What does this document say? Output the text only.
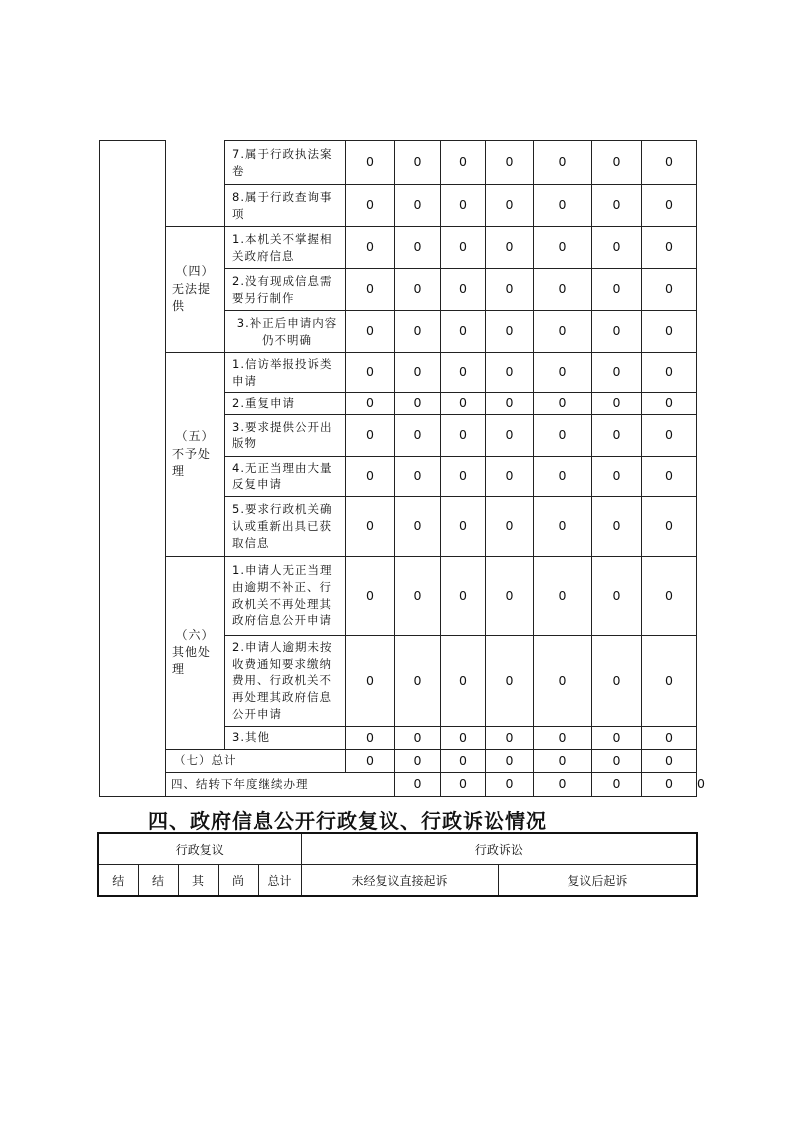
		7.属于行政执法案卷	0	0	0	0	0	0	0	
		8.属于行政查询事项	0	0	0	0	0	0	0	

	（四）
无法提
供	1.本机关不掌握相关政府信息	0	0	0	0	0	0	0	
		2.没有现成信息需要另行制作	0	0	0	0	0	0	0	
		3.补正后申请内容仍不明确	0	0	0	0	0	0	0	

	（五）
不予处
理	1.信访举报投诉类申请	0	0	0	0	0	0	0	
		2.重复申请	0	0	0	0	0	0	0	
		3.要求提供公开出版物	0	0	0	0	0	0	0	
		4.无正当理由大量反复申请	0	0	0	0	0	0	0	
		5.要求行政机关确认或重新出具已获取信息	0	0	0	0	0	0	0	

	（六）
其他处
理	1.申请人无正当理由逾期不补正、行政机关不再处理其政府信息公开申请	0	0	0	0	0	0	0	
		2.申请人逾期未按收费通知要求缴纳费用、行政机关不再处理其政府信息公开申请	0	0	0	0	0	0	0	
		3.其他	0	0	0	0	0	0	0	
	（七）总计		0	0	0	0	0	0	0	
	四、结转下年度继续办理			0	0	0	0	0	0	0
四、政府信息公开行政复议、行政诉讼情况
行政复议					行政诉讼	
结	结	其	尚	总计	未经复议直接起诉	复议后起诉
